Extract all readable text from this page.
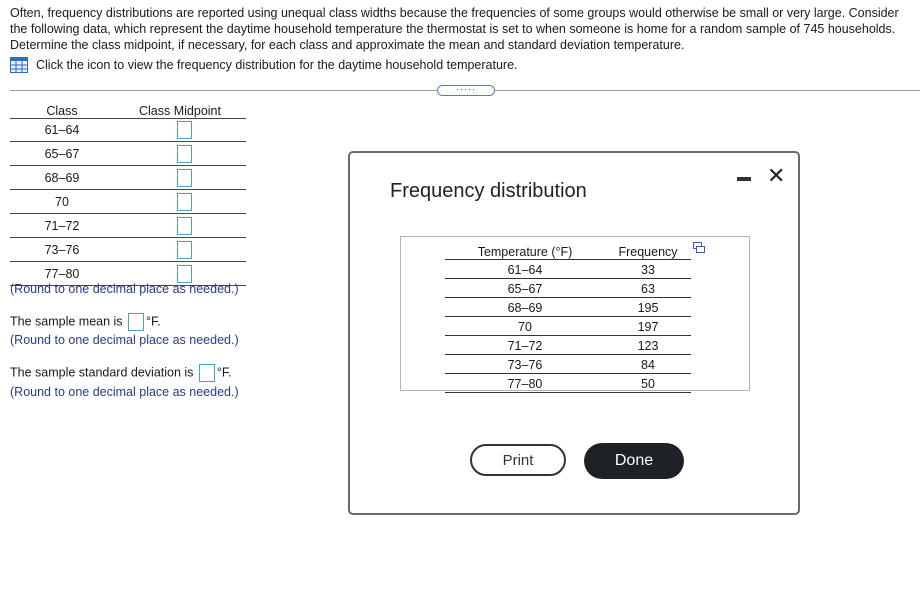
Often, frequency distributions are reported using unequal class widths because the frequencies of some groups would otherwise be small or very large. Consider the following data, which represent the daytime household temperature the thermostat is set to when someone is home for a random sample of 745 households. Determine the class midpoint, if necessary, for each class and approximate the mean and standard deviation temperature.

Click the icon to view the frequency distribution for the daytime household temperature.
·····
Class	Class Midpoint
61–64
65–67
68–69
70
71–72
73–76
77–80
(Round to one decimal place as needed.)
The sample mean is °F.
(Round to one decimal place as needed.)
The sample standard deviation is °F.
(Round to one decimal place as needed.)
Frequency distribution
✕
Temperature (°F)	Frequency
61–64	33
65–67	63
68–69	195
70	197
71–72	123
73–76	84
77–80	50
Print	Done
